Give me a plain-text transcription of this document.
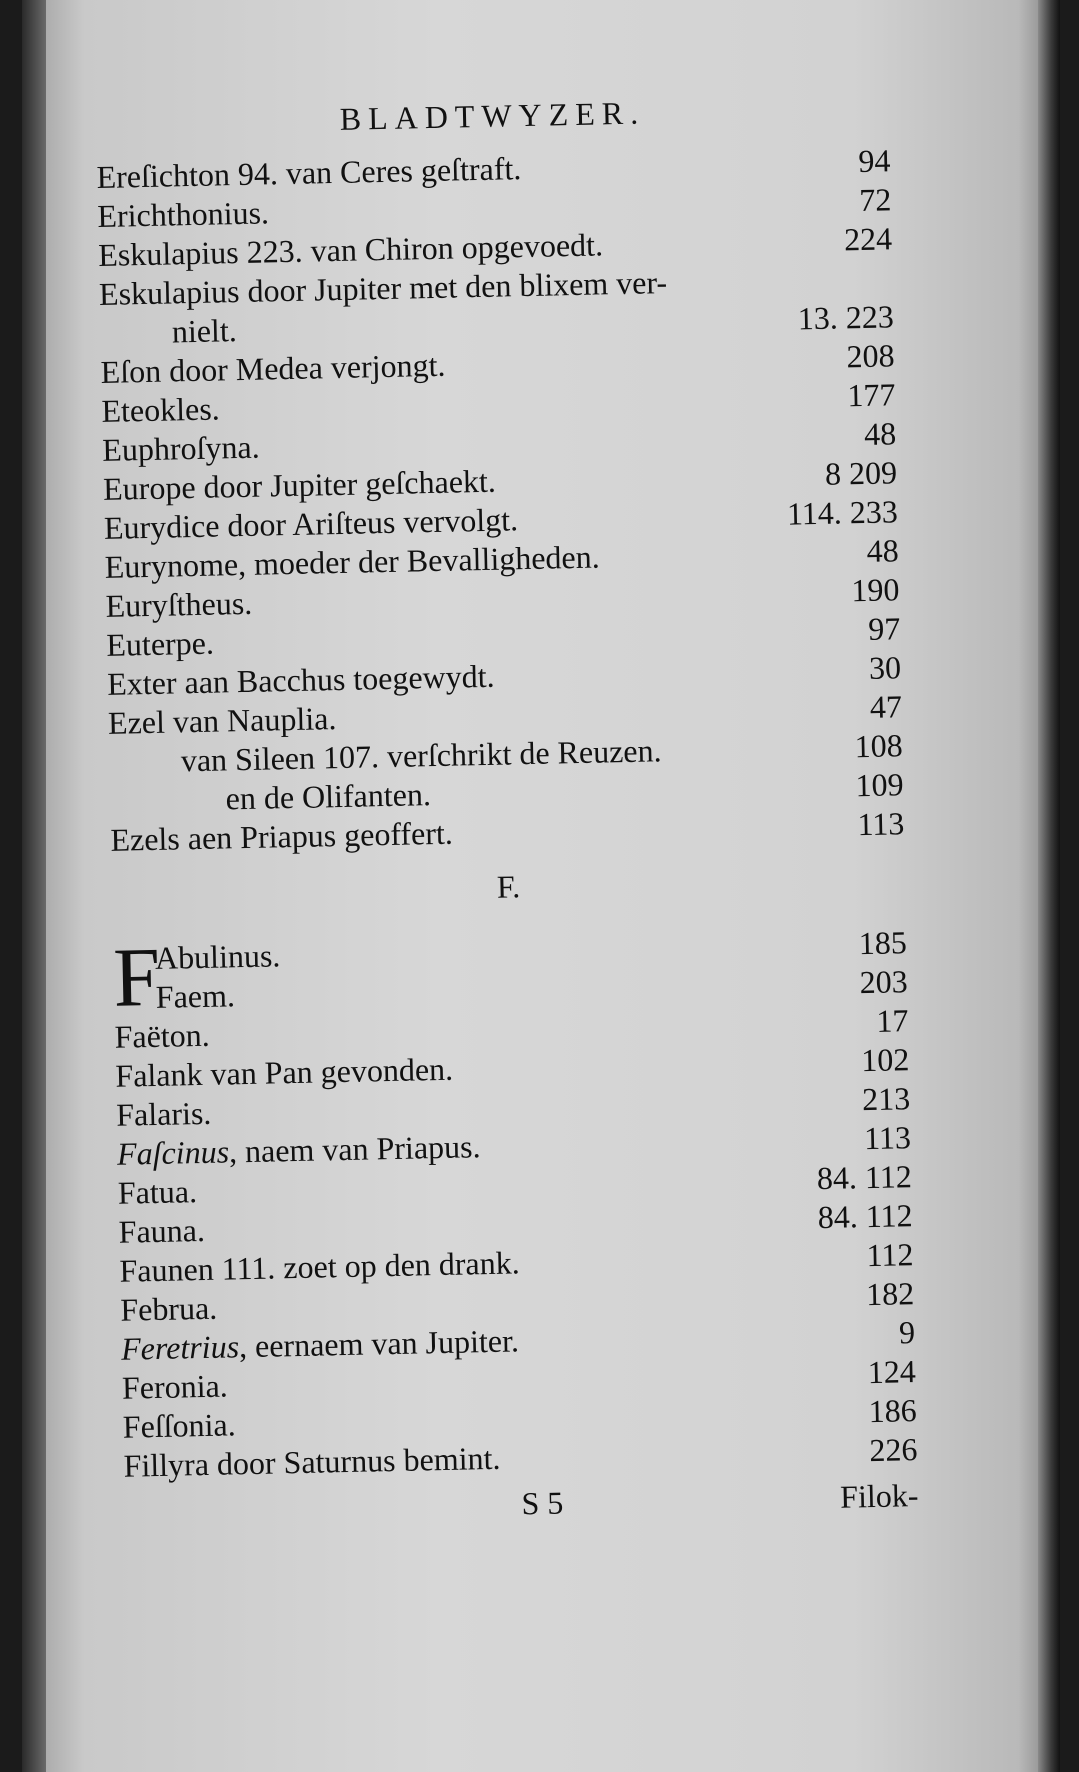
BLADTWYZER.
Ereſichton 94. van Ceres geſtraft.	94
Erichthonius.	72
Eskulapius 223. van Chiron opgevoedt.	224
Eskulapius door Jupiter met den blixem ver-
nielt.	13. 223
Eſon door Medea verjongt.	208
Eteokles.	177
Euphroſyna.	48
Europe door Jupiter geſchaekt.	8 209
Eurydice door Ariſteus vervolgt.	114. 233
Eurynome, moeder der Bevalligheden.	48
Euryſtheus.	190
Euterpe.	97
Exter aan Bacchus toegewydt.	30
Ezel van Nauplia.	47
van Sileen 107. verſchrikt de Reuzen.	108
en de Olifanten.	109
Ezels aen Priapus geoffert.	113
F.
F
Abulinus.	185
Faem.	203
Faëton.	17
Falank van Pan gevonden.	102
Falaris.	213
Faſcinus, naem van Priapus.	113
Fatua.	84. 112
Fauna.	84. 112
Faunen 111. zoet op den drank.	112
Februa.	182
Feretrius, eernaem van Jupiter.	9
Feronia.	124
Feſſonia.	186
Fillyra door Saturnus bemint.	226
S 5	Filok-
